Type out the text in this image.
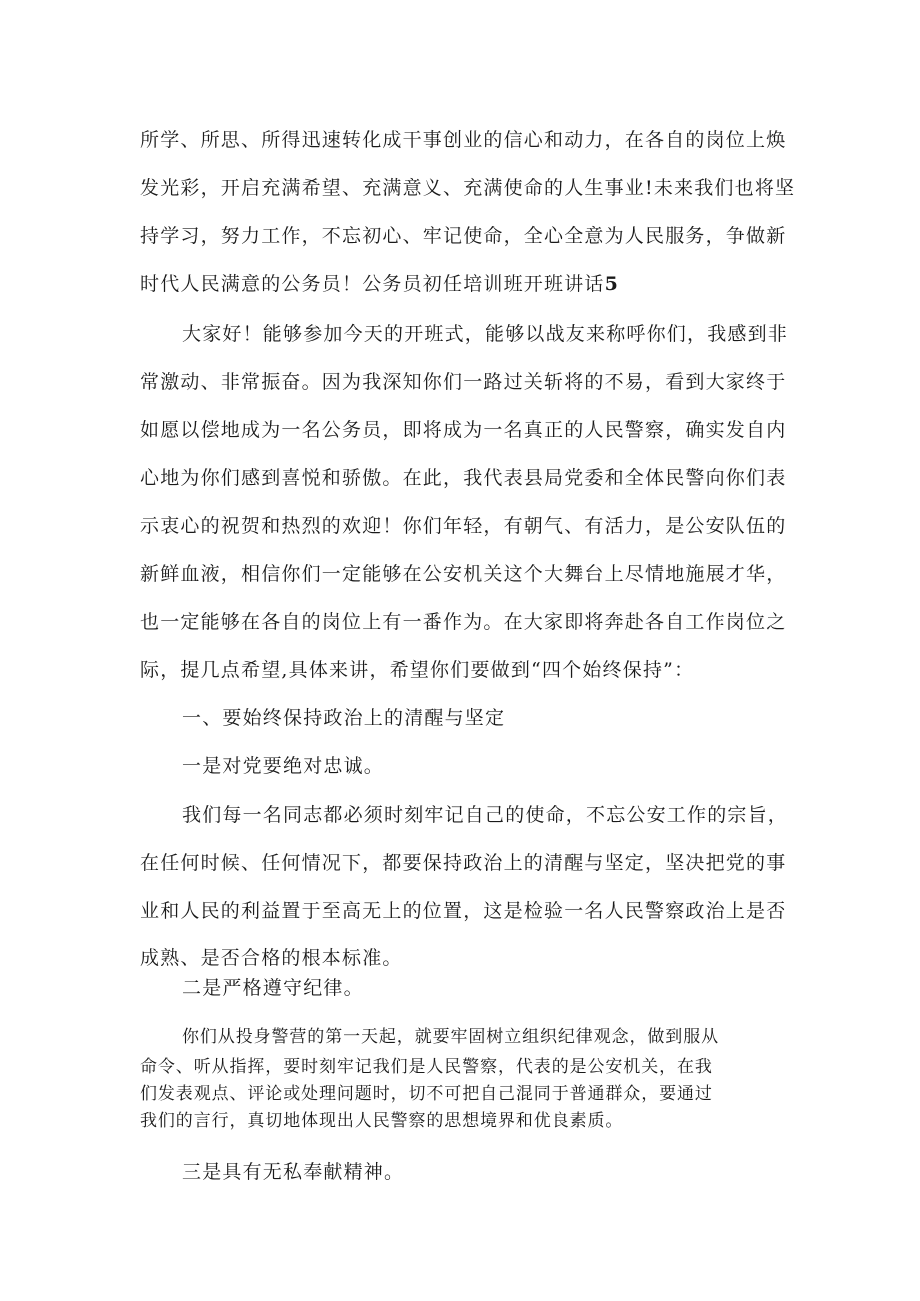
所学、所思、所得迅速转化成干事创业的信心和动力，在各自的岗位上焕
发光彩，开启充满希望、充满意义、充满使命的人生事业!未来我们也将坚
持学习，努力工作，不忘初心、牢记使命，全心全意为人民服务，争做新
时代人民满意的公务员！公务员初任培训班开班讲话5
大家好！能够参加今天的开班式，能够以战友来称呼你们，我感到非
常激动、非常振奋。因为我深知你们一路过关斩将的不易，看到大家终于
如愿以偿地成为一名公务员，即将成为一名真正的人民警察，确实发自内
心地为你们感到喜悦和骄傲。在此，我代表县局党委和全体民警向你们表
示衷心的祝贺和热烈的欢迎！你们年轻，有朝气、有活力，是公安队伍的
新鲜血液，相信你们一定能够在公安机关这个大舞台上尽情地施展才华，
也一定能够在各自的岗位上有一番作为。在大家即将奔赴各自工作岗位之
际，提几点希望,具体来讲，希望你们要做到“四个始终保持”：
一、要始终保持政治上的清醒与坚定
一是对党要绝对忠诚。
我们每一名同志都必须时刻牢记自己的使命，不忘公安工作的宗旨，
在任何时候、任何情况下，都要保持政治上的清醒与坚定，坚决把党的事
业和人民的利益置于至高无上的位置，这是检验一名人民警察政治上是否
成熟、是否合格的根本标准。
二是严格遵守纪律。
你们从投身警营的第一天起，就要牢固树立组织纪律观念，做到服从
命令、听从指挥，要时刻牢记我们是人民警察，代表的是公安机关，在我
们发表观点、评论或处理问题时，切不可把自己混同于普通群众，要通过
我们的言行，真切地体现出人民警察的思想境界和优良素质。
三是具有无私奉献精神。
